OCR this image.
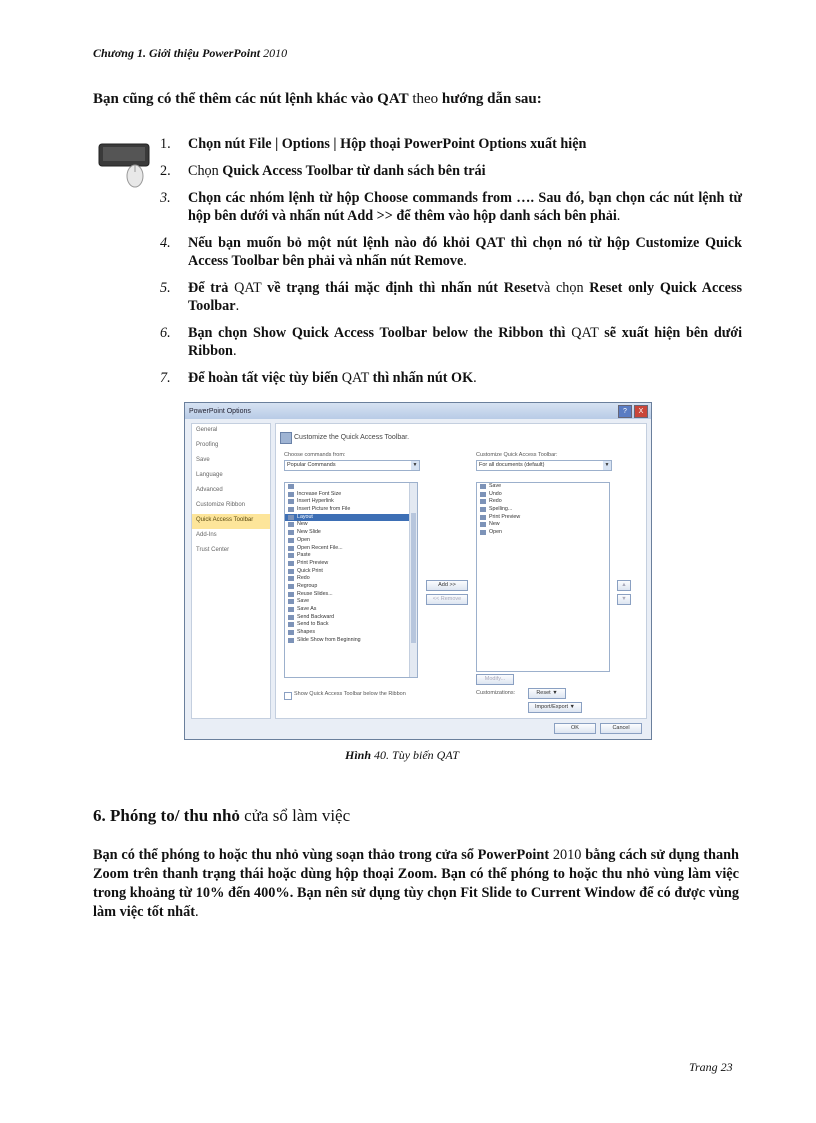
Chương 1. Giới thiệu PowerPoint 2010
Bạn cũng có thể thêm các nút lệnh khác vào QAT theo hướng dẫn sau:
1. Chọn nút File | Options | Hộp thoại PowerPoint Options xuất hiện
2. Chọn Quick Access Toolbar từ danh sách bên trái
3. Chọn các nhóm lệnh từ hộp Choose commands from …. Sau đó, bạn chọn các nút lệnh từ hộp bên dưới và nhấn nút Add >> để thêm vào hộp danh sách bên phải.
4. Nếu bạn muốn bỏ một nút lệnh nào đó khỏi QAT thì chọn nó từ hộp Customize Quick Access Toolbar bên phải và nhấn nút Remove.
5. Để trả QAT về trạng thái mặc định thì nhấn nút Resetvà chọn Reset only Quick Access Toolbar.
6. Bạn chọn Show Quick Access Toolbar below the Ribbon thì QAT sẽ xuất hiện bên dưới Ribbon.
7. Để hoàn tất việc tùy biến QAT thì nhấn nút OK.
PowerPoint Options	?	X
General
Proofing
Save
Language
Advanced
Customize Ribbon
Quick Access Toolbar
Add-Ins
Trust Center
Customize the Quick Access Toolbar.
Choose commands from:
Popular Commands	▼
Customize Quick Access Toolbar:
For all documents (default)	▼
Increase Font Size
Insert Hyperlink
Insert Picture from File
Layout
New
New Slide
Open
Open Recent File...
Paste
Print Preview
Quick Print
Redo
Regroup
Reuse Slides...
Save
Save As
Send Backward
Send to Back
Shapes
Slide Show from Beginning
Save
Undo
Redo
Spelling...
Print Preview
New
Open
Add >>
<< Remove
▲
▼
Show Quick Access Toolbar below the Ribbon
Modify...
Customizations:	Reset ▼
Import/Export ▼
OK	Cancel
Hình 40. Tùy biến QAT
6. Phóng to/ thu nhỏ cửa sổ làm việc
Bạn có thể phóng to hoặc thu nhỏ vùng soạn thảo trong cửa sổ PowerPoint 2010 bằng cách sử dụng thanh Zoom trên thanh trạng thái hoặc dùng hộp thoại Zoom. Bạn có thể phóng to hoặc thu nhỏ vùng làm việc trong khoảng từ 10% đến 400%. Bạn nên sử dụng tùy chọn Fit Slide to Current Window để có được vùng làm việc tốt nhất.
Trang 23
